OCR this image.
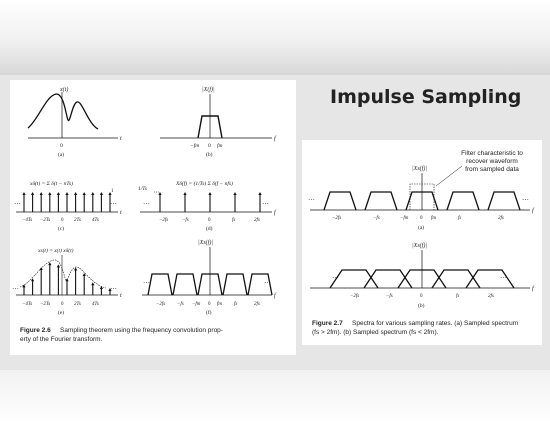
Impulse Sampling
x(t)
0
t
(a)
|X(f)|
−fm 0 fm
f
(b)
xδ(t) = Σ δ(t − nTs)
···	···
1
t
−4Ts −2Ts 0 2Ts 4Ts
(c)
Xδ(f) = (1/Ts) Σ δ(f − nfs)
1/Ts
···	···
f
−2fs	−fs	0	fs	2fs
(d)
xs(t) = x(t) xδ(t)
···	···
t
−4Ts −2Ts 0 2Ts 4Ts
(e)
|Xs(f)|
···	···
f
−2fs −fs −fm 0 fm fs	2fs
(f)
Figure 2.6 Sampling theorem using the frequency convolution prop-
erty of the Fourier transform.
Filter characteristic to
recover waveform
from sampled data
|Xs(f)|
···	···
f
−2fs	−fs	−fm 0 fm	fs	2fs
(a)
|Xs(f)|
···	···
f
−2fs	−fs	0	fs	2fs
(b)
Figure 2.7 Spectra for various sampling rates. (a) Sampled spectrum
(fs > 2fm). (b) Sampled spectrum (fs < 2fm).
